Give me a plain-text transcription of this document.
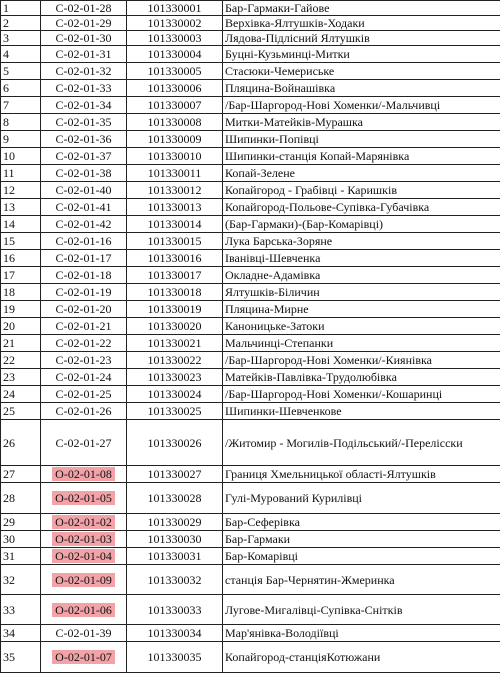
1	С-02-01-28	101330001	Бар-Гармаки-Гайове
2	С-02-01-29	101330002	Верхівка-Ялтушків-Ходаки
3	С-02-01-30	101330003	Лядова-Підлісний Ялтушків
4	С-02-01-31	101330004	Буцні-Кузьминці-Митки
5	С-02-01-32	101330005	Стасюки-Чемериське
6	С-02-01-33	101330006	Пляцина-Войнашівка
7	С-02-01-34	101330007	/Бар-Шаргород-Нові Хоменки/-Мальчивці
8	С-02-01-35	101330008	Митки-Матейків-Мурашка
9	С-02-01-36	101330009	Шипинки-Попівці
10	С-02-01-37	101330010	Шипинки-станція Копай-Марянівка
11	С-02-01-38	101330011	Копай-Зелене
12	С-02-01-40	101330012	Копайгород - Грабівці - Каришків
13	С-02-01-41	101330013	Копайгород-Польове-Супівка-Губачівка
14	С-02-01-42	101330014	(Бар-Гармаки)-(Бар-Комарівці)
15	С-02-01-16	101330015	Лука Барська-Зоряне
16	С-02-01-17	101330016	Іванівці-Шевченка
17	С-02-01-18	101330017	Окладне-Адамівка
18	С-02-01-19	101330018	Ялтушків-Біличин
19	С-02-01-20	101330019	Пляцина-Мирне
20	С-02-01-21	101330020	Каноницьке-Затоки
21	С-02-01-22	101330021	Мальчинці-Степанки
22	С-02-01-23	101330022	/Бар-Шаргород-Нові Хоменки/-Киянівка
23	С-02-01-24	101330023	Матейків-Павлівка-Трудолюбівка
24	С-02-01-25	101330024	/Бар-Шаргород-Нові Хоменки/-Кошаринці
25	С-02-01-26	101330025	Шипинки-Шевченкове
26	С-02-01-27	101330026	/Житомир - Могилів-Подільський/-Перелісски
27	О-02-01-08	101330027	Границя Хмельницької області-Ялтушків
28	О-02-01-05	101330028	Гулі-Мурований Курилівці
29	О-02-01-02	101330029	Бар-Сеферівка
30	О-02-01-03	101330030	Бар-Гармаки
31	О-02-01-04	101330031	Бар-Комарівці
32	О-02-01-09	101330032	станція Бар-Чернятин-Жмеринка
33	О-02-01-06	101330033	Лугове-Мигалівці-Супівка-Снітків
34	С-02-01-39	101330034	Мар'янівка-Володіївці
35	О-02-01-07	101330035	Копайгород-станціяКотюжани
